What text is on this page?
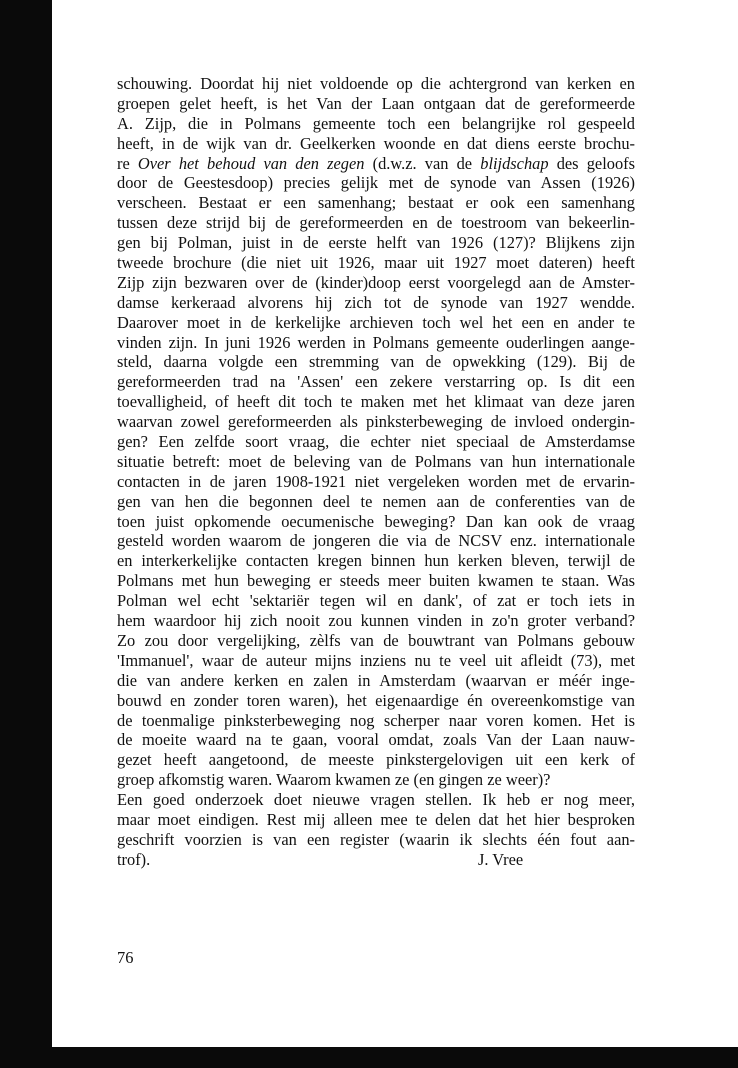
schouwing. Doordat hij niet voldoende op die achtergrond van kerken en
groepen gelet heeft, is het Van der Laan ontgaan dat de gereformeerde
A. Zijp, die in Polmans gemeente toch een belangrijke rol gespeeld
heeft, in de wijk van dr. Geelkerken woonde en dat diens eerste brochu-
re Over het behoud van den zegen (d.w.z. van de blijdschap des geloofs
door de Geestesdoop) precies gelijk met de synode van Assen (1926)
verscheen. Bestaat er een samenhang; bestaat er ook een samenhang
tussen deze strijd bij de gereformeerden en de toestroom van bekeerlin-
gen bij Polman, juist in de eerste helft van 1926 (127)? Blijkens zijn
tweede brochure (die niet uit 1926, maar uit 1927 moet dateren) heeft
Zijp zijn bezwaren over de (kinder)doop eerst voorgelegd aan de Amster-
damse kerkeraad alvorens hij zich tot de synode van 1927 wendde.
Daarover moet in de kerkelijke archieven toch wel het een en ander te
vinden zijn. In juni 1926 werden in Polmans gemeente ouderlingen aange-
steld, daarna volgde een stremming van de opwekking (129). Bij de
gereformeerden trad na 'Assen' een zekere verstarring op. Is dit een
toevalligheid, of heeft dit toch te maken met het klimaat van deze jaren
waarvan zowel gereformeerden als pinksterbeweging de invloed ondergin-
gen? Een zelfde soort vraag, die echter niet speciaal de Amsterdamse
situatie betreft: moet de beleving van de Polmans van hun internationale
contacten in de jaren 1908-1921 niet vergeleken worden met de ervarin-
gen van hen die begonnen deel te nemen aan de conferenties van de
toen juist opkomende oecumenische beweging? Dan kan ook de vraag
gesteld worden waarom de jongeren die via de NCSV enz. internationale
en interkerkelijke contacten kregen binnen hun kerken bleven, terwijl de
Polmans met hun beweging er steeds meer buiten kwamen te staan. Was
Polman wel echt 'sektariër tegen wil en dank', of zat er toch iets in
hem waardoor hij zich nooit zou kunnen vinden in zo'n groter verband?
Zo zou door vergelijking, zèlfs van de bouwtrant van Polmans gebouw
'Immanuel', waar de auteur mijns inziens nu te veel uit afleidt (73), met
die van andere kerken en zalen in Amsterdam (waarvan er méér inge-
bouwd en zonder toren waren), het eigenaardige én overeenkomstige van
de toenmalige pinksterbeweging nog scherper naar voren komen. Het is
de moeite waard na te gaan, vooral omdat, zoals Van der Laan nauw-
gezet heeft aangetoond, de meeste pinkstergelovigen uit een kerk of
groep afkomstig waren. Waarom kwamen ze (en gingen ze weer)?
Een goed onderzoek doet nieuwe vragen stellen. Ik heb er nog meer,
maar moet eindigen. Rest mij alleen mee te delen dat het hier besproken
geschrift voorzien is van een register (waarin ik slechts één fout aan-
trof).	J. Vree
76
